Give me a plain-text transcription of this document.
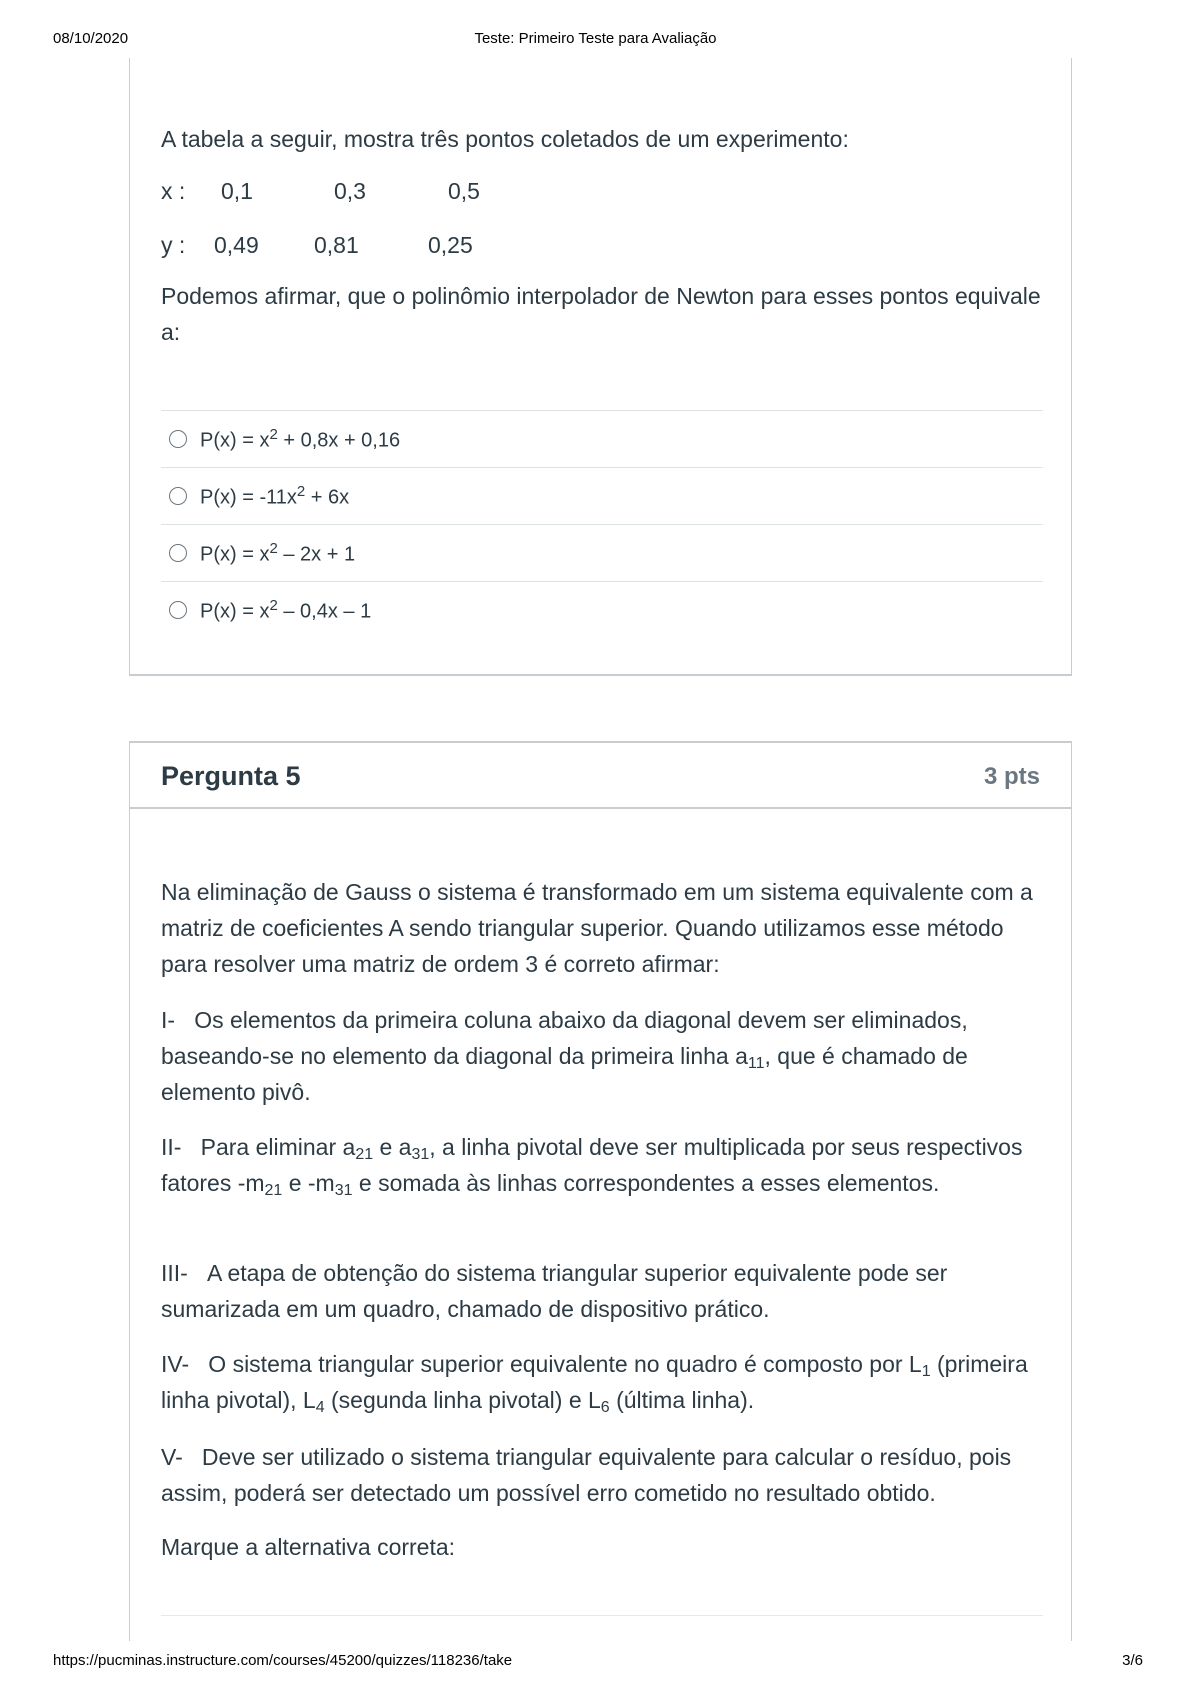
08/10/2020	Teste: Primeiro Teste para Avaliação
A tabela a seguir, mostra três pontos coletados de um experimento:
x : 0,1	0,3	0,5
y : 0,49 0,81	0,25
Podemos afirmar, que o polinômio interpolador de Newton para esses pontos equivale a:
$P(x) = x^2 + 0,8x + 0,16$
$P(x) = -11x^2 + 6x$
$P(x) = x^2 - 2x + 1$
$P(x) = x^2 - 0,4x - 1$
Pergunta 5	3 pts
Na eliminação de Gauss o sistema é transformado em um sistema equivalente com a matriz de coeficientes A sendo triangular superior. Quando utilizamos esse método para resolver uma matriz de ordem 3 é correto afirmar:
I- Os elementos da primeira coluna abaixo da diagonal devem ser eliminados, baseando-se no elemento da diagonal da primeira linha $a_{11}$, que é chamado de elemento pivô.
II- Para eliminar $a_{21}$ e $a_{31}$, a linha pivotal deve ser multiplicada por seus respectivos fatores $-m_{21}$ e $-m_{31}$ e somada às linhas correspondentes a esses elementos.
III- A etapa de obtenção do sistema triangular superior equivalente pode ser sumarizada em um quadro, chamado de dispositivo prático.
IV- O sistema triangular superior equivalente no quadro é composto por $L_1$ (primeira linha pivotal), $L_4$ (segunda linha pivotal) e $L_6$ (última linha).
V- Deve ser utilizado o sistema triangular equivalente para calcular o resíduo, pois assim, poderá ser detectado um possível erro cometido no resultado obtido.
Marque a alternativa correta:
https://pucminas.instructure.com/courses/45200/quizzes/118236/take	3/6
